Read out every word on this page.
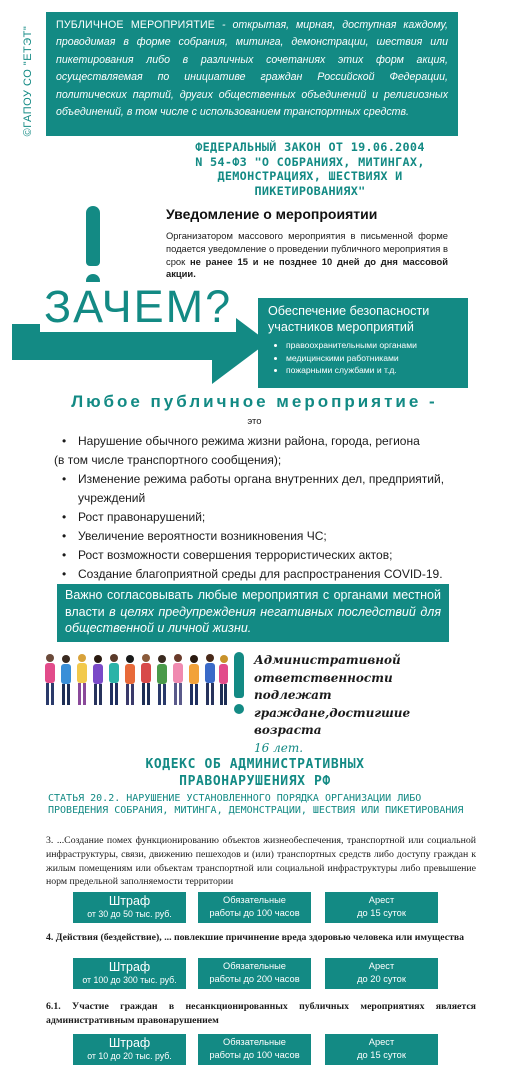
©ГАПОУ СО "ЕТЭТ"
ПУБЛИЧНОЕ МЕРОПРИЯТИЕ - открытая, мирная, доступная каждому, проводимая в форме собрания, митинга, демонстрации, шествия или пикетирования либо в различных сочетаниях этих форм акция, осуществляемая по инициативе граждан Российской Федерации, политических партий, других общественных объединений и религиозных объединений, в том числе с использованием транспортных средств.
ФЕДЕРАЛЬНЫЙ ЗАКОН ОТ 19.06.2004
N 54-ФЗ "О СОБРАНИЯХ, МИТИНГАХ,
ДЕМОНСТРАЦИЯХ, ШЕСТВИЯХ И ПИКЕТИРОВАНИЯХ"
Уведомление о меропроиятии
Организатором массового мероприятия в письменной форме подается уведомление о проведении публичного мероприятия в срок не ранее 15 и не позднее 10 дней до дня массовой акции.
ЗАЧЕМ?	Обеспечение безопасности участников мероприятий
• правоохранительными органами
• медицинскими работниками
• пожарными службами и т.д.
Любое публичное мероприятие -
это
• Нарушение обычного режима жизни района, города, региона
(в том числе транспортного сообщения);
• Изменение режима работы органа внутренних дел, предприятий, учреждений
• Рост правонарушений;
• Увеличение вероятности возникновения ЧС;
• Рост возможности совершения террористических актов;
• Создание благоприятной среды для распространения COVID-19.
Важно согласовывать любые мероприятия с органами местной власти в целях предупреждения негативных последствий для общественной и личной жизни.
Административной ответственности подлежат граждане,достигшие возраста
16 лет.
КОДЕКС ОБ АДМИНИСТРАТИВНЫХ ПРАВОНАРУШЕНИЯХ РФ
СТАТЬЯ 20.2. НАРУШЕНИЕ УСТАНОВЛЕННОГО ПОРЯДКА ОРГАНИЗАЦИИ ЛИБО ПРОВЕДЕНИЯ СОБРАНИЯ, МИТИНГА, ДЕМОНСТРАЦИИ, ШЕСТВИЯ ИЛИ ПИКЕТИРОВАНИЯ
3. ...Создание помех функционированию объектов жизнеобеспечения, транспортной или социальной инфраструктуры, связи, движению пешеходов и (или) транспортных средств либо доступу граждан к жилым помещениям или объектам транспортной или социальной инфраструктуры либо превышение норм предельной заполняемости территории
Штраф
от 30 до 50 тыс. руб.
Обязательные
работы до 100 часов
Арест
до 15 суток
4. Действия (бездействие), ... повлекшие причинение вреда здоровью человека или имущества
Штраф
от 100 до 300 тыс. руб.
Обязательные
работы до 200 часов
Арест
до 20 суток
6.1. Участие граждан в несанкционированных публичных мероприятиях является административным правонарушением
Штраф
от 10 до 20 тыс. руб.
Обязательные
работы до 100 часов
Арест
до 15 суток
